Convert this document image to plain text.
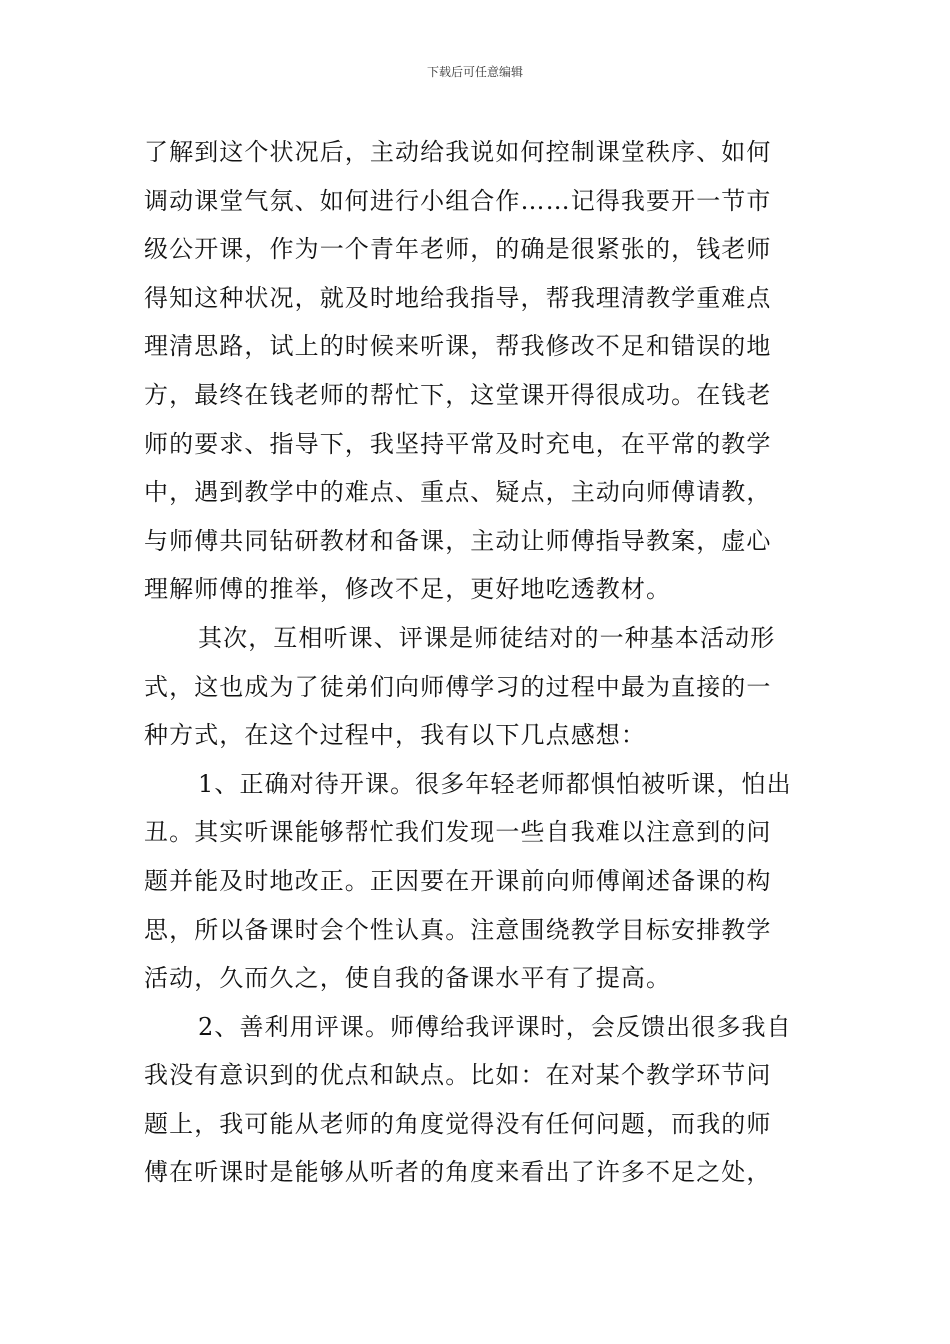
下载后可任意编辑
了解到这个状况后，主动给我说如何控制课堂秩序、如何
调动课堂气氛、如何进行小组合作……记得我要开一节市
级公开课，作为一个青年老师，的确是很紧张的，钱老师
得知这种状况，就及时地给我指导，帮我理清教学重难点
理清思路，试上的时候来听课，帮我修改不足和错误的地
方，最终在钱老师的帮忙下，这堂课开得很成功。在钱老
师的要求、指导下，我坚持平常及时充电，在平常的教学
中，遇到教学中的难点、重点、疑点，主动向师傅请教，
与师傅共同钻研教材和备课，主动让师傅指导教案，虚心
理解师傅的推举，修改不足，更好地吃透教材。
其次，互相听课、评课是师徒结对的一种基本活动形
式，这也成为了徒弟们向师傅学习的过程中最为直接的一
种方式，在这个过程中，我有以下几点感想：
1、正确对待开课。很多年轻老师都惧怕被听课，怕出
丑。其实听课能够帮忙我们发现一些自我难以注意到的问
题并能及时地改正。正因要在开课前向师傅阐述备课的构
思，所以备课时会个性认真。注意围绕教学目标安排教学
活动，久而久之，使自我的备课水平有了提高。
2、善利用评课。师傅给我评课时，会反馈出很多我自
我没有意识到的优点和缺点。比如：在对某个教学环节问
题上，我可能从老师的角度觉得没有任何问题，而我的师
傅在听课时是能够从听者的角度来看出了许多不足之处，
